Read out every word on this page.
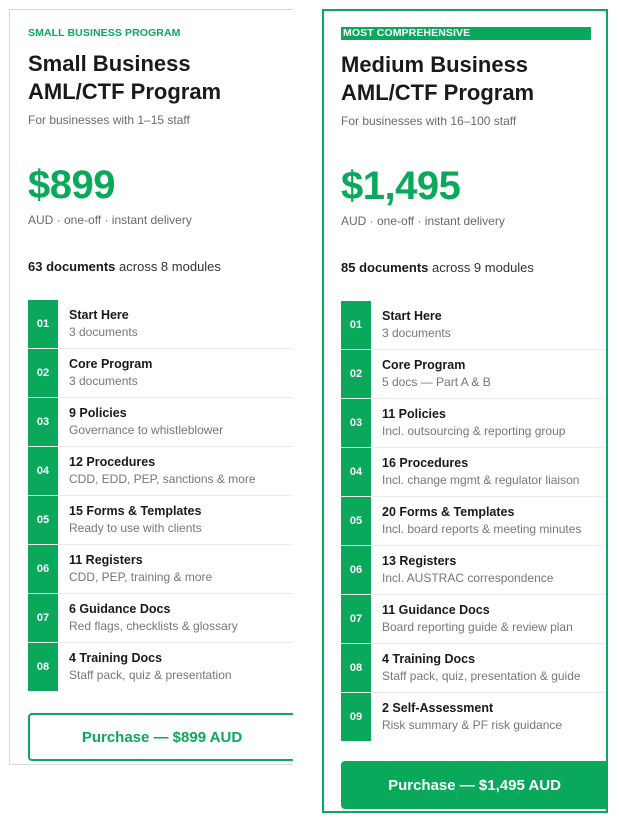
SMALL BUSINESS PROGRAM
Small Business AML/CTF Program
For businesses with 1–15 staff
$899
AUD · one-off · instant delivery
63 documents across 8 modules
01
Start Here
3 documents
02
Core Program
3 documents
03
9 Policies
Governance to whistleblower
04
12 Procedures
CDD, EDD, PEP, sanctions & more
05
15 Forms & Templates
Ready to use with clients
06
11 Registers
CDD, PEP, training & more
07
6 Guidance Docs
Red flags, checklists & glossary
08
4 Training Docs
Staff pack, quiz & presentation
Purchase — $899 AUD
MOST COMPREHENSIVE
Medium Business AML/CTF Program
For businesses with 16–100 staff
$1,495
AUD · one-off · instant delivery
85 documents across 9 modules
01
Start Here
3 documents
02
Core Program
5 docs — Part A & B
03
11 Policies
Incl. outsourcing & reporting group
04
16 Procedures
Incl. change mgmt & regulator liaison
05
20 Forms & Templates
Incl. board reports & meeting minutes
06
13 Registers
Incl. AUSTRAC correspondence
07
11 Guidance Docs
Board reporting guide & review plan
08
4 Training Docs
Staff pack, quiz, presentation & guide
09
2 Self-Assessment
Risk summary & PF risk guidance
Purchase — $1,495 AUD
